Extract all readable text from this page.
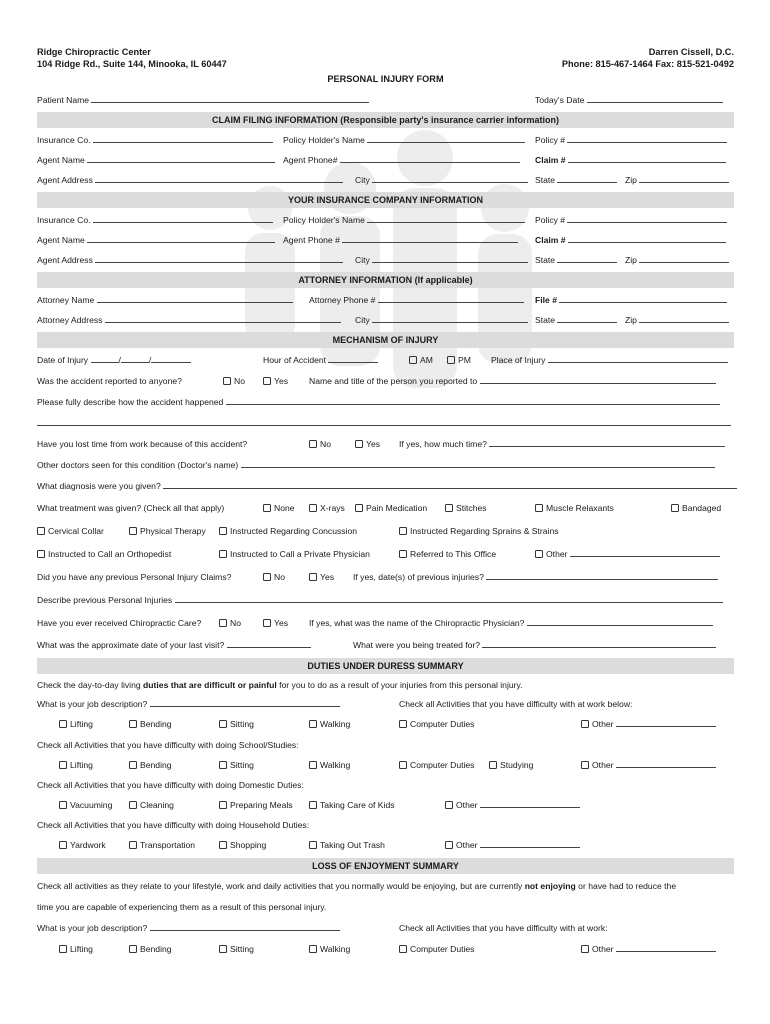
Ridge Chiropractic Center
104 Ridge Rd., Suite 144, Minooka, IL 60447
Darren Cissell, D.C.
Phone: 815-467-1464 Fax: 815-521-0492
PERSONAL INJURY FORM
Patient Name	Today's Date
CLAIM FILING INFORMATION (Responsible party's insurance carrier information)
Insurance Co.	Policy Holder's Name	Policy #
Agent Name	Agent Phone#	Claim #
Agent Address	City	State	Zip
YOUR INSURANCE COMPANY INFORMATION
Insurance Co.	Policy Holder's Name	Policy #
Agent Name	Agent Phone #	Claim #
Agent Address	City	State	Zip
ATTORNEY INFORMATION (If applicable)
Attorney Name	Attorney Phone #	File #
Attorney Address	City	State	Zip
MECHANISM OF INJURY
Date of Injury	/	/	Hour of Accident	AM	PM Place of Injury
Was the accident reported to anyone?	No	Yes Name and title of the person you reported to
Please fully describe how the accident happened
Have you lost time from work because of this accident?	No	Yes If yes, how much time?
Other doctors seen for this condition (Doctor's name)
What diagnosis were you given?
What treatment was given? (Check all that apply)	None	X-rays	Pain Medication	Stitches	Muscle Relaxants	Bandaged
Cervical Collar	Physical Therapy	Instructed Regarding Concussion	Instructed Regarding Sprains & Strains
Instructed to Call an Orthopedist	Instructed to Call a Private Physician	Referred to This Office	Other
Did you have any previous Personal Injury Claims?	No	Yes If yes, date(s) of previous injuries?
Describe previous Personal Injuries
Have you ever received Chiropractic Care?	No	Yes If yes, what was the name of the Chiropractic Physician?
What was the approximate date of your last visit?	What were you being treated for?
DUTIES UNDER DURESS SUMMARY
Check the day-to-day living duties that are difficult or painful for you to do as a result of your injuries from this personal injury.
What is your job description?	Check all Activities that you have difficulty with at work below:
Lifting	Bending	Sitting	Walking	Computer Duties	Other
Check all Activities that you have difficulty with doing School/Studies:
Lifting	Bending	Sitting	Walking	Computer Duties	Studying	Other
Check all Activities that you have difficulty with doing Domestic Duties:
Vacuuming	Cleaning	Preparing Meals	Taking Care of Kids	Other
Check all Activities that you have difficulty with doing Household Duties:
Yardwork	Transportation	Shopping	Taking Out Trash	Other
LOSS OF ENJOYMENT SUMMARY
Check all activities as they relate to your lifestyle, work and daily activities that you normally would be enjoying, but are currently not enjoying or have had to reduce the
time you are capable of experiencing them as a result of this personal injury.
What is your job description?	Check all Activities that you have difficulty with at work:
Lifting	Bending	Sitting	Walking	Computer Duties	Other
